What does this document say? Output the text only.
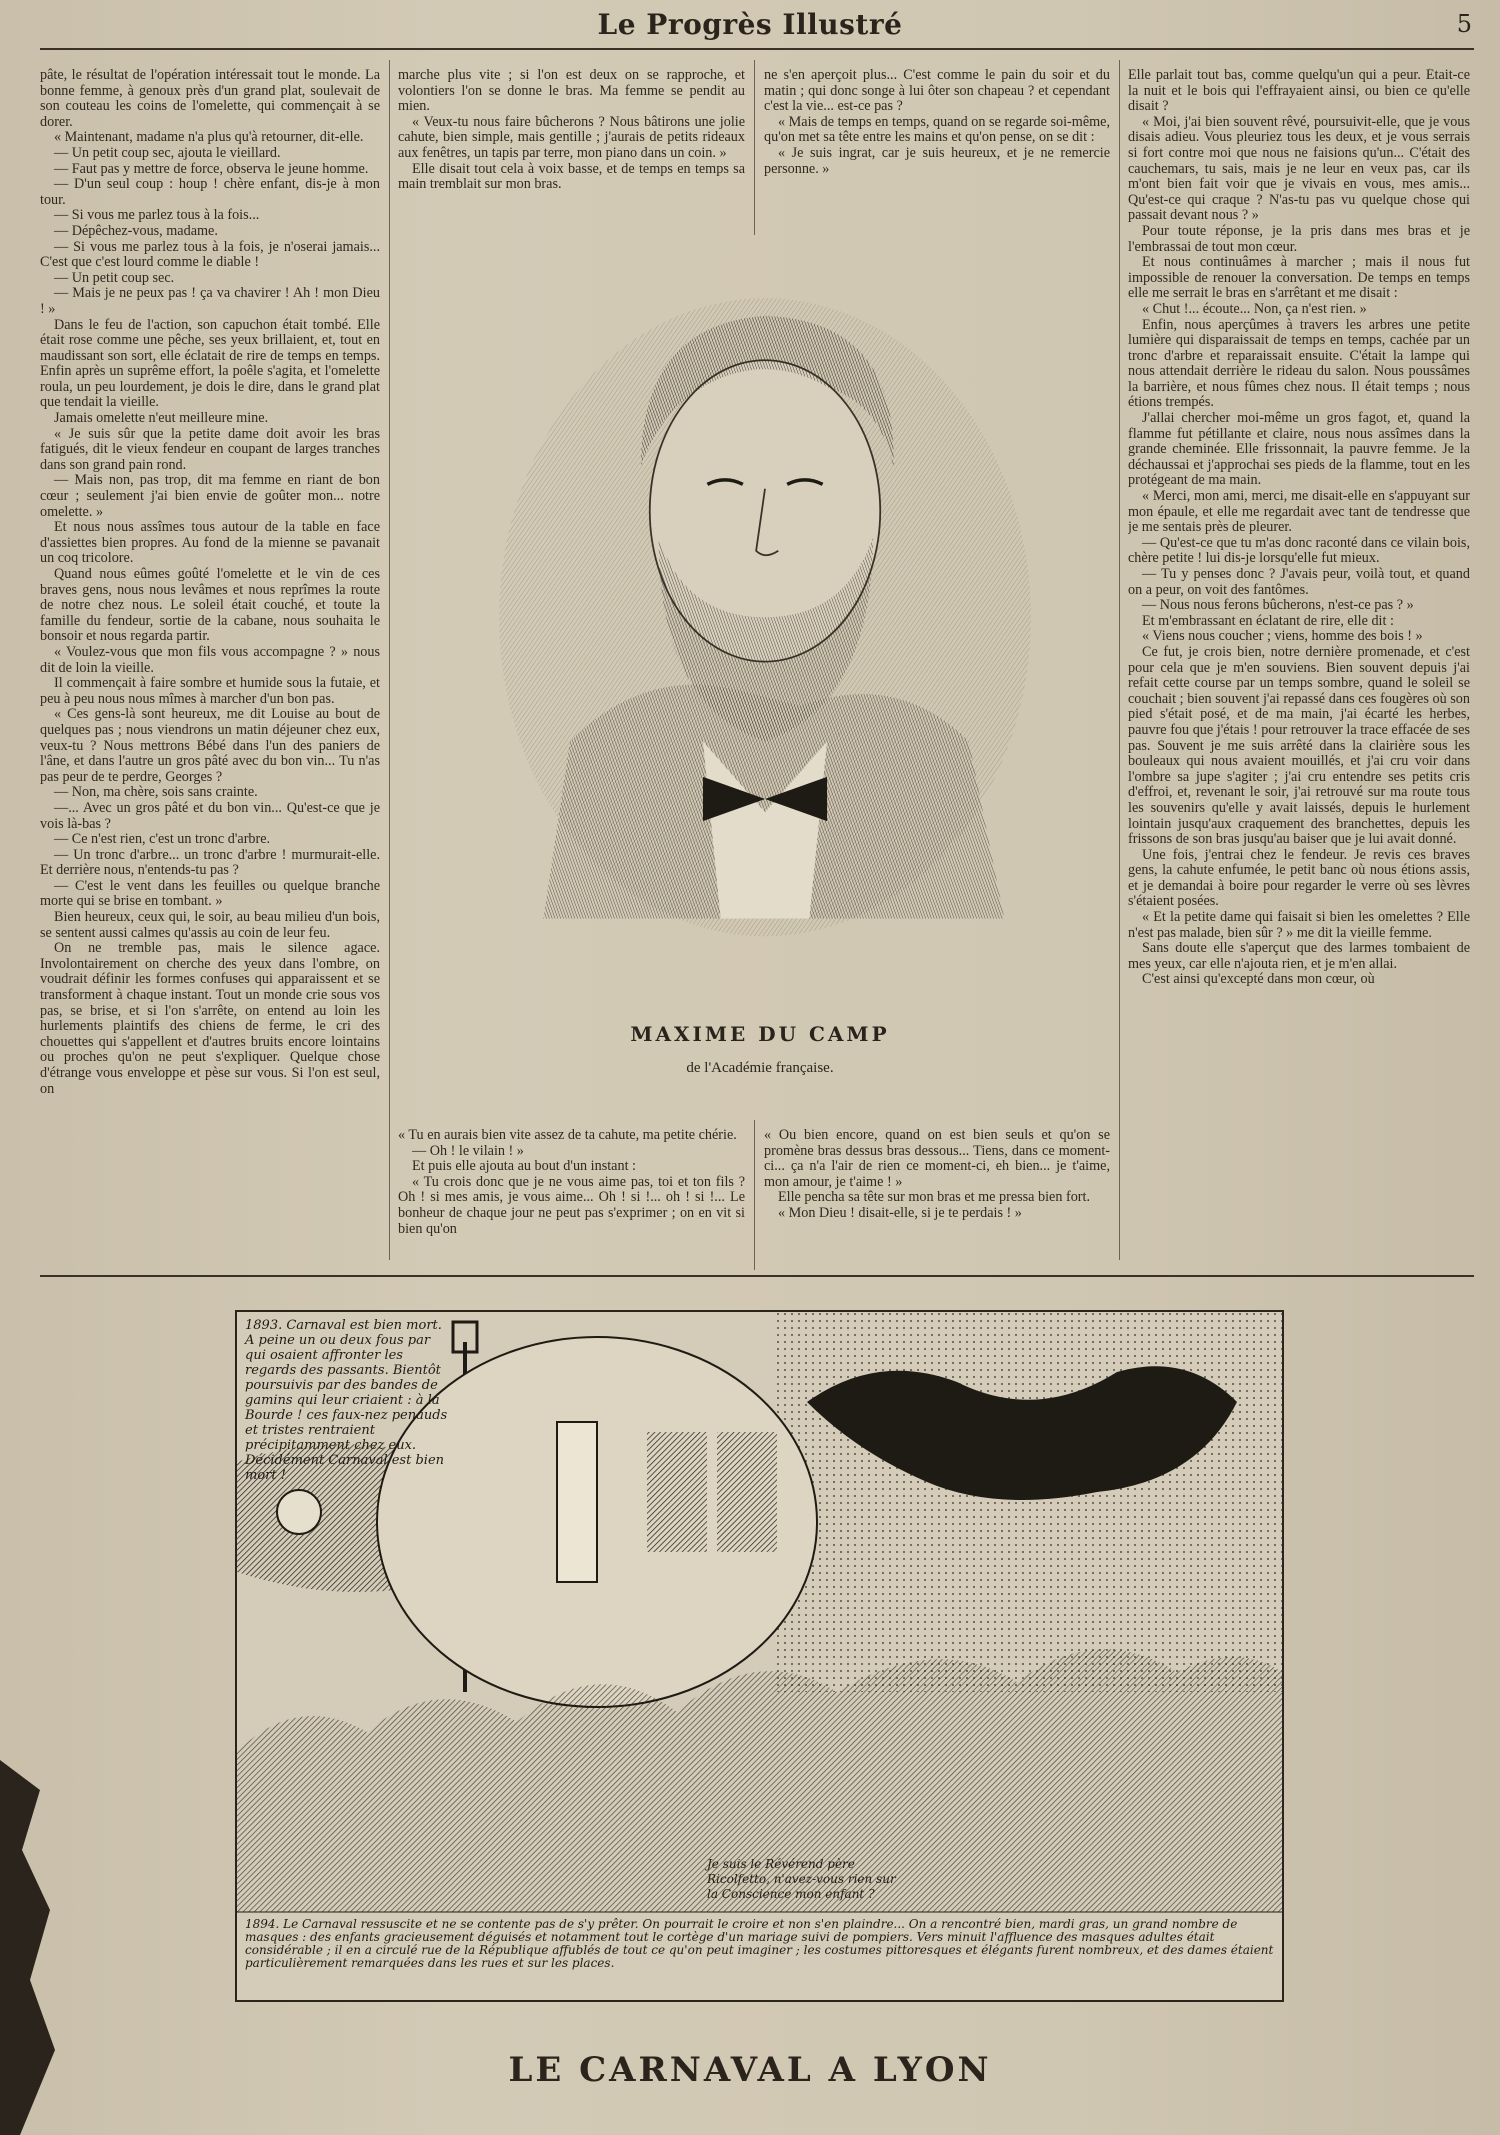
Le Progrès Illustré	5

pâte, le résultat de l'opération intéressait tout le monde. La bonne femme, à genoux près d'un grand plat, soulevait de son couteau les coins de l'omelette, qui commençait à se dorer.

« Maintenant, madame n'a plus qu'à retourner, dit-elle.

— Un petit coup sec, ajouta le vieillard.

— Faut pas y mettre de force, observa le jeune homme.

— D'un seul coup : houp ! chère enfant, dis-je à mon tour.

— Si vous me parlez tous à la fois...

— Dépêchez-vous, madame.

— Si vous me parlez tous à la fois, je n'oserai jamais... C'est que c'est lourd comme le diable !

— Un petit coup sec.

— Mais je ne peux pas ! ça va chavirer ! Ah ! mon Dieu ! »

Dans le feu de l'action, son capuchon était tombé. Elle était rose comme une pêche, ses yeux brillaient, et, tout en maudissant son sort, elle éclatait de rire de temps en temps. Enfin après un suprême effort, la poêle s'agita, et l'omelette roula, un peu lourdement, je dois le dire, dans le grand plat que tendait la vieille.

Jamais omelette n'eut meilleure mine.

« Je suis sûr que la petite dame doit avoir les bras fatigués, dit le vieux fendeur en coupant de larges tranches dans son grand pain rond.

— Mais non, pas trop, dit ma femme en riant de bon cœur ; seulement j'ai bien envie de goûter mon... notre omelette. »

Et nous nous assîmes tous autour de la table en face d'assiettes bien propres. Au fond de la mienne se pavanait un coq tricolore.

Quand nous eûmes goûté l'omelette et le vin de ces braves gens, nous nous levâmes et nous reprîmes la route de notre chez nous. Le soleil était couché, et toute la famille du fendeur, sortie de la cabane, nous souhaita le bonsoir et nous regarda partir.

« Voulez-vous que mon fils vous accompagne ? » nous dit de loin la vieille.

Il commençait à faire sombre et humide sous la futaie, et peu à peu nous nous mîmes à marcher d'un bon pas.

« Ces gens-là sont heureux, me dit Louise au bout de quelques pas ; nous viendrons un matin déjeuner chez eux, veux-tu ? Nous mettrons Bébé dans l'un des paniers de l'âne, et dans l'autre un gros pâté avec du bon vin... Tu n'as pas peur de te perdre, Georges ?

— Non, ma chère, sois sans crainte.

—... Avec un gros pâté et du bon vin... Qu'est-ce que je vois là-bas ?

— Ce n'est rien, c'est un tronc d'arbre.

— Un tronc d'arbre... un tronc d'arbre ! murmurait-elle. Et derrière nous, n'entends-tu pas ?

— C'est le vent dans les feuilles ou quelque branche morte qui se brise en tombant. »

Bien heureux, ceux qui, le soir, au beau milieu d'un bois, se sentent aussi calmes qu'assis au coin de leur feu.

On ne tremble pas, mais le silence agace. Involontairement on cherche des yeux dans l'ombre, on voudrait définir les formes confuses qui apparaissent et se transforment à chaque instant. Tout un monde crie sous vos pas, se brise, et si l'on s'arrête, on entend au loin les hurlements plaintifs des chiens de ferme, le cri des chouettes qui s'appellent et d'autres bruits encore lointains ou proches qu'on ne peut s'expliquer. Quelque chose d'étrange vous enveloppe et pèse sur vous. Si l'on est seul, on

marche plus vite ; si l'on est deux on se rapproche, et volontiers l'on se donne le bras. Ma femme se pendit au mien.

« Veux-tu nous faire bûcherons ? Nous bâtirons une jolie cahute, bien simple, mais gentille ; j'aurais de petits rideaux aux fenêtres, un tapis par terre, mon piano dans un coin. »

Elle disait tout cela à voix basse, et de temps en temps sa main tremblait sur mon bras.

ne s'en aperçoit plus... C'est comme le pain du soir et du matin ; qui donc songe à lui ôter son chapeau ? et cependant c'est la vie... est-ce pas ?

« Mais de temps en temps, quand on se regarde soi-même, qu'on met sa tête entre les mains et qu'on pense, on se dit :

« Je suis ingrat, car je suis heureux, et je ne remercie personne. »

MAXIME DU CAMP
de l'Académie française.

« Tu en aurais bien vite assez de ta cahute, ma petite chérie.

— Oh ! le vilain ! »

Et puis elle ajouta au bout d'un instant :

« Tu crois donc que je ne vous aime pas, toi et ton fils ? Oh ! si mes amis, je vous aime... Oh ! si !... oh ! si !... Le bonheur de chaque jour ne peut pas s'exprimer ; on en vit si bien qu'on

« Ou bien encore, quand on est bien seuls et qu'on se promène bras dessus bras dessous... Tiens, dans ce moment-ci... ça n'a l'air de rien ce moment-ci, eh bien... je t'aime, mon amour, je t'aime ! »

Elle pencha sa tête sur mon bras et me pressa bien fort.

« Mon Dieu ! disait-elle, si je te perdais ! »

Elle parlait tout bas, comme quelqu'un qui a peur. Était-ce la nuit et le bois qui l'effrayaient ainsi, ou bien ce qu'elle disait ?

« Moi, j'ai bien souvent rêvé, poursuivit-elle, que je vous disais adieu. Vous pleuriez tous les deux, et je vous serrais si fort contre moi que nous ne faisions qu'un... C'était des cauchemars, tu sais, mais je ne leur en veux pas, car ils m'ont bien fait voir que je vivais en vous, mes amis... Qu'est-ce qui craque ? N'as-tu pas vu quelque chose qui passait devant nous ? »

Pour toute réponse, je la pris dans mes bras et je l'embrassai de tout mon cœur.

Et nous continuâmes à marcher ; mais il nous fut impossible de renouer la conversation. De temps en temps elle me serrait le bras en s'arrêtant et me disait :

« Chut !... écoute... Non, ça n'est rien. »

Enfin, nous aperçûmes à travers les arbres une petite lumière qui disparaissait de temps en temps, cachée par un tronc d'arbre et reparaissait ensuite. C'était la lampe qui nous attendait derrière le rideau du salon. Nous poussâmes la barrière, et nous fûmes chez nous. Il était temps ; nous étions trempés.

J'allai chercher moi-même un gros fagot, et, quand la flamme fut pétillante et claire, nous nous assîmes dans la grande cheminée. Elle frissonnait, la pauvre femme. Je la déchaussai et j'approchai ses pieds de la flamme, tout en les protégeant de ma main.

« Merci, mon ami, merci, me disait-elle en s'appuyant sur mon épaule, et elle me regardait avec tant de tendresse que je me sentais près de pleurer.

— Qu'est-ce que tu m'as donc raconté dans ce vilain bois, chère petite ! lui dis-je lorsqu'elle fut mieux.

— Tu y penses donc ? J'avais peur, voilà tout, et quand on a peur, on voit des fantômes.

— Nous nous ferons bûcherons, n'est-ce pas ? »

Et m'embrassant en éclatant de rire, elle dit :

« Viens nous coucher ; viens, homme des bois ! »

Ce fut, je crois bien, notre dernière promenade, et c'est pour cela que je m'en souviens. Bien souvent depuis j'ai refait cette course par un temps sombre, quand le soleil se couchait ; bien souvent j'ai repassé dans ces fougères où son pied s'était posé, et de ma main, j'ai écarté les herbes, pauvre fou que j'étais ! pour retrouver la trace effacée de ses pas. Souvent je me suis arrêté dans la clairière sous les bouleaux qui nous avaient mouillés, et j'ai cru voir dans l'ombre sa jupe s'agiter ; j'ai cru entendre ses petits cris d'effroi, et, revenant le soir, j'ai retrouvé sur ma route tous les souvenirs qu'elle y avait laissés, depuis le hurlement lointain jusqu'aux craquement des branchettes, depuis les frissons de son bras jusqu'au baiser que je lui avait donné.

Une fois, j'entrai chez le fendeur. Je revis ces braves gens, la cahute enfumée, le petit banc où nous étions assis, et je demandai à boire pour regarder le verre où ses lèvres s'étaient posées.

« Et la petite dame qui faisait si bien les omelettes ? Elle n'est pas malade, bien sûr ? » me dit la vieille femme.

Sans doute elle s'aperçut que des larmes tombaient de mes yeux, car elle n'ajouta rien, et je m'en allai.

C'est ainsi qu'excepté dans mon cœur, où

1893. Carnaval est bien mort. A peine un ou deux fous par qui osaient affronter les regards des passants. Bientôt poursuivis par des bandes de gamins qui leur criaient : à la Bourde ! ces faux-nez penauds et tristes rentraient précipitamment chez eux. Décidément Carnaval est bien mort !
Je suis le Révérend père Ricolfetto, n'avez-vous rien sur la Conscience mon enfant ?
1894. Le Carnaval ressuscite et ne se contente pas de s'y prêter. On pourrait le croire et non s'en plaindre... On a rencontré bien, mardi gras, un grand nombre de masques : des enfants gracieusement déguisés et notamment tout le cortège d'un mariage suivi de pompiers. Vers minuit l'affluence des masques adultes était considérable ; il en a circulé rue de la République affublés de tout ce qu'on peut imaginer ; les costumes pittoresques et élégants furent nombreux, et des dames étaient particulièrement remarquées dans les rues et sur les places.
LE CARNAVAL A LYON
